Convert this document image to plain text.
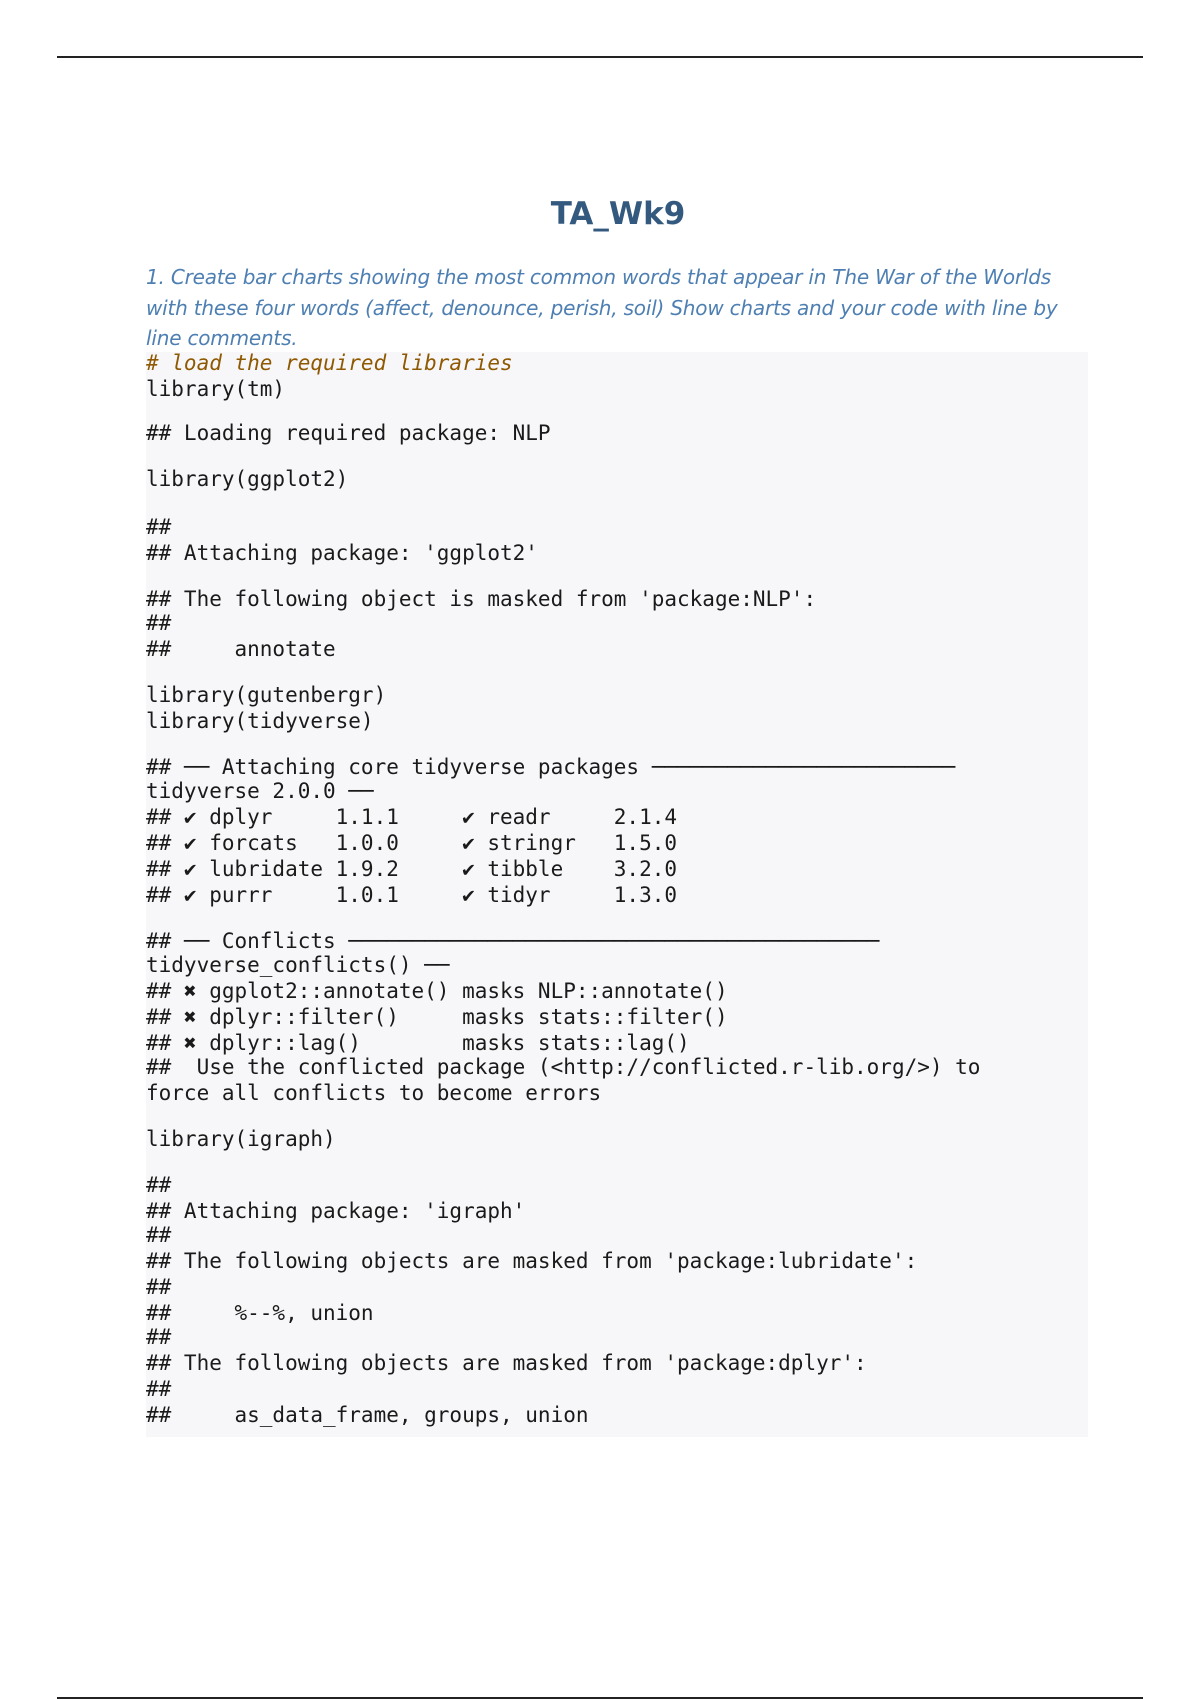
TA_Wk9
1. Create bar charts showing the most common words that appear in The War of the Worlds with these four words (affect, denounce, perish, soil) Show charts and your code with line by line comments.
# load the required libraries
library(tm)
## Loading required package: NLP
library(ggplot2)
##
## Attaching package: 'ggplot2'
## The following object is masked from 'package:NLP':
##
##     annotate
library(gutenbergr)
library(tidyverse)
## ── Attaching core tidyverse packages ────────────────────────
tidyverse 2.0.0 ──
## ✔ dplyr     1.1.1     ✔ readr     2.1.4
## ✔ forcats   1.0.0     ✔ stringr   1.5.0
## ✔ lubridate 1.9.2     ✔ tibble    3.2.0
## ✔ purrr     1.0.1     ✔ tidyr     1.3.0
## ── Conflicts ──────────────────────────────────────────
tidyverse_conflicts() ──
## ✖ ggplot2::annotate() masks NLP::annotate()
## ✖ dplyr::filter()     masks stats::filter()
## ✖ dplyr::lag()        masks stats::lag()
##  Use the conflicted package (<http://conflicted.r-lib.org/>) to
force all conflicts to become errors
library(igraph)
##
## Attaching package: 'igraph'
##
## The following objects are masked from 'package:lubridate':
##
##     %--%, union
##
## The following objects are masked from 'package:dplyr':
##
##     as_data_frame, groups, union
